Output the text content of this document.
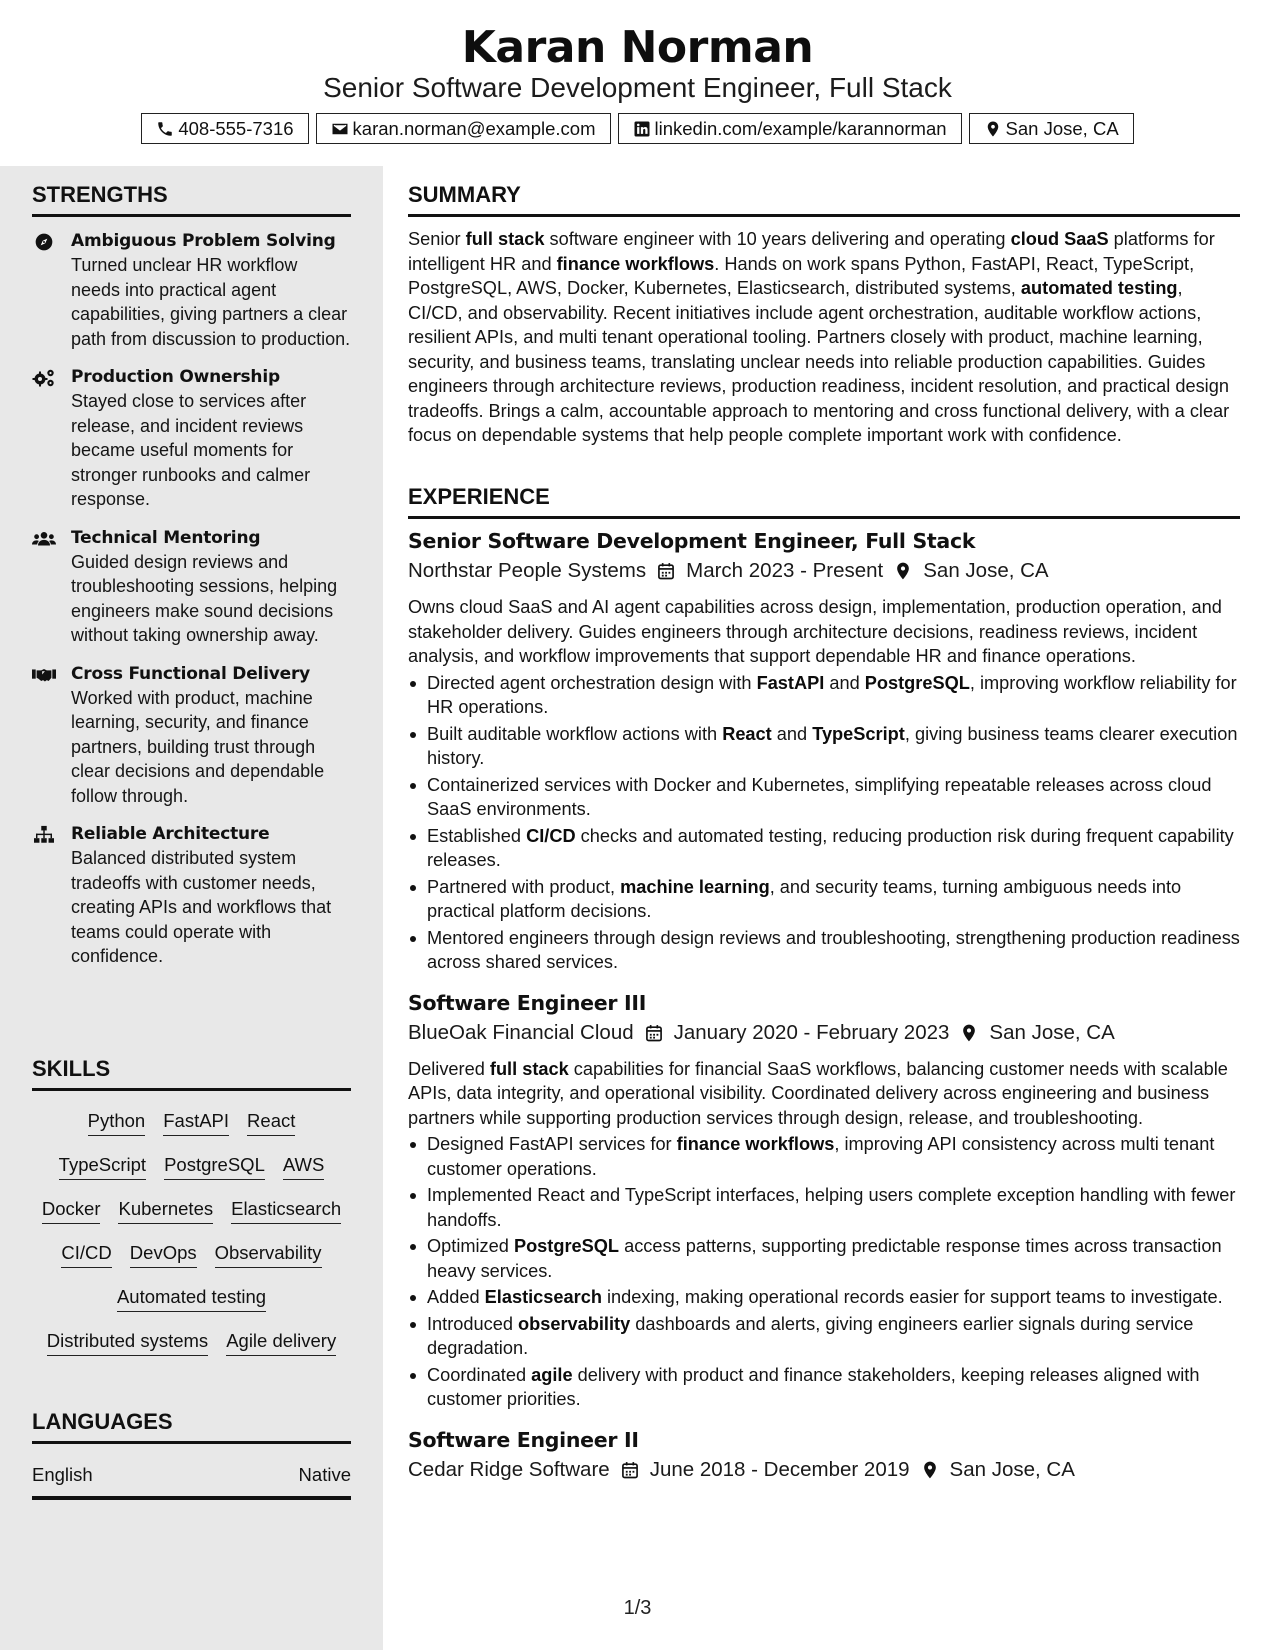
Karan Norman
Senior Software Development Engineer, Full Stack
408-555-7316	karan.norman@example.com	linkedin.com/example/karannorman	San Jose, CA
STRENGTHS
Ambiguous Problem Solving
Turned unclear HR workflow needs into practical agent capabilities, giving partners a clear path from discussion to production.
Production Ownership
Stayed close to services after release, and incident reviews became useful moments for stronger runbooks and calmer response.
Technical Mentoring
Guided design reviews and troubleshooting sessions, helping engineers make sound decisions without taking ownership away.
Cross Functional Delivery
Worked with product, machine learning, security, and finance partners, building trust through clear decisions and dependable follow through.
Reliable Architecture
Balanced distributed system tradeoffs with customer needs, creating APIs and workflows that teams could operate with confidence.
SKILLS
Python FastAPI React
TypeScript PostgreSQL AWS
Docker Kubernetes Elasticsearch
CI/CD DevOps Observability
Automated testing
Distributed systems Agile delivery
LANGUAGES
English	Native
SUMMARY
Senior full stack software engineer with 10 years delivering and operating cloud SaaS platforms for intelligent HR and finance workflows. Hands on work spans Python, FastAPI, React, TypeScript, PostgreSQL, AWS, Docker, Kubernetes, Elasticsearch, distributed systems, automated testing, CI/CD, and observability. Recent initiatives include agent orchestration, auditable workflow actions, resilient APIs, and multi tenant operational tooling. Partners closely with product, machine learning, security, and business teams, translating unclear needs into reliable production capabilities. Guides engineers through architecture reviews, production readiness, incident resolution, and practical design tradeoffs. Brings a calm, accountable approach to mentoring and cross functional delivery, with a clear focus on dependable systems that help people complete important work with confidence.
EXPERIENCE
Senior Software Development Engineer, Full Stack
Northstar People Systems March 2023 - Present San Jose, CA
Owns cloud SaaS and AI agent capabilities across design, implementation, production operation, and stakeholder delivery. Guides engineers through architecture decisions, readiness reviews, incident analysis, and workflow improvements that support dependable HR and finance operations.
Directed agent orchestration design with FastAPI and PostgreSQL, improving workflow reliability for HR operations.
Built auditable workflow actions with React and TypeScript, giving business teams clearer execution history.
Containerized services with Docker and Kubernetes, simplifying repeatable releases across cloud SaaS environments.
Established CI/CD checks and automated testing, reducing production risk during frequent capability releases.
Partnered with product, machine learning, and security teams, turning ambiguous needs into practical platform decisions.
Mentored engineers through design reviews and troubleshooting, strengthening production readiness across shared services.
Software Engineer III
BlueOak Financial Cloud January 2020 - February 2023 San Jose, CA
Delivered full stack capabilities for financial SaaS workflows, balancing customer needs with scalable APIs, data integrity, and operational visibility. Coordinated delivery across engineering and business partners while supporting production services through design, release, and troubleshooting.
Designed FastAPI services for finance workflows, improving API consistency across multi tenant customer operations.
Implemented React and TypeScript interfaces, helping users complete exception handling with fewer handoffs.
Optimized PostgreSQL access patterns, supporting predictable response times across transaction heavy services.
Added Elasticsearch indexing, making operational records easier for support teams to investigate.
Introduced observability dashboards and alerts, giving engineers earlier signals during service degradation.
Coordinated agile delivery with product and finance stakeholders, keeping releases aligned with customer priorities.
Software Engineer II
Cedar Ridge Software June 2018 - December 2019 San Jose, CA
1/3
